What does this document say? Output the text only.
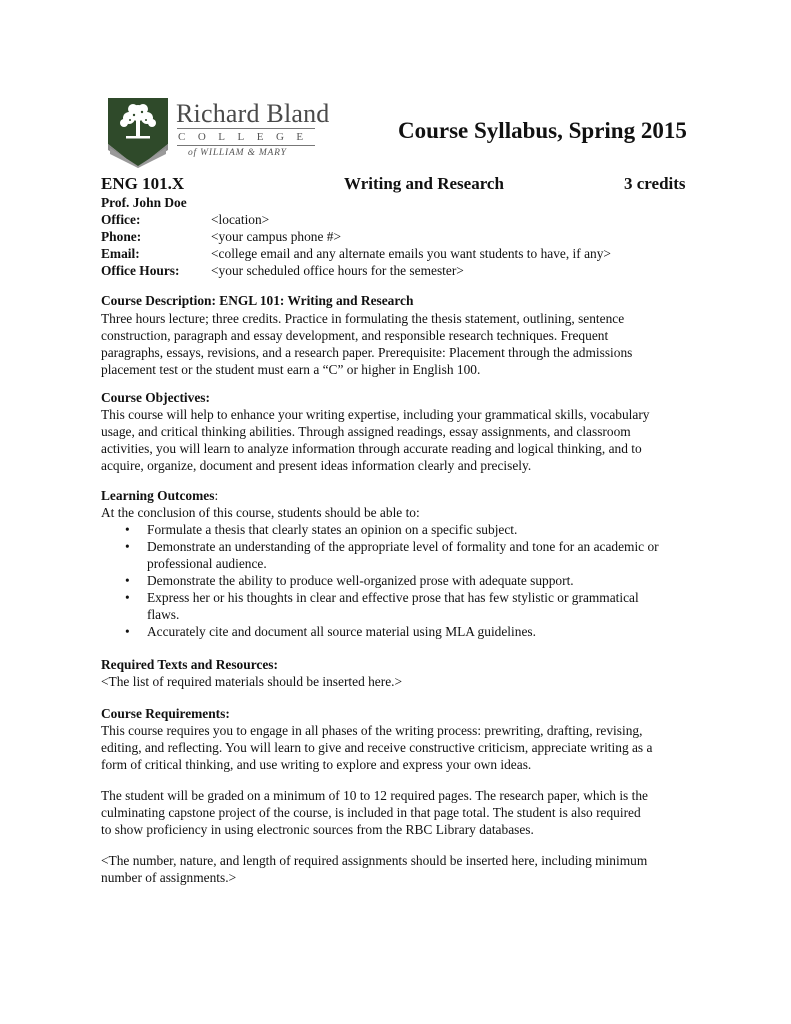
Richard Bland
COLLEGE
of WILLIAM & MARY
Course Syllabus, Spring 2015
ENG 101.X	Writing and Research	3 credits
Prof. John Doe
Office:	<location>
Phone:	<your campus phone #>
Email:	<college email and any alternate emails you want students to have, if any>
Office Hours: <your scheduled office hours for the semester>
Course Description: ENGL 101: Writing and Research
Three hours lecture; three credits. Practice in formulating the thesis statement, outlining, sentence
construction, paragraph and essay development, and responsible research techniques. Frequent
paragraphs, essays, revisions, and a research paper. Prerequisite: Placement through the admissions
placement test or the student must earn a “C” or higher in English 100.
Course Objectives:
This course will help to enhance your writing expertise, including your grammatical skills, vocabulary
usage, and critical thinking abilities. Through assigned readings, essay assignments, and classroom
activities, you will learn to analyze information through accurate reading and logical thinking, and to
acquire, organize, document and present ideas information clearly and precisely.
Learning Outcomes:
At the conclusion of this course, students should be able to:
• Formulate a thesis that clearly states an opinion on a specific subject.
• Demonstrate an understanding of the appropriate level of formality and tone for an academic or
professional audience.
• Demonstrate the ability to produce well-organized prose with adequate support.
• Express her or his thoughts in clear and effective prose that has few stylistic or grammatical
flaws.
• Accurately cite and document all source material using MLA guidelines.
Required Texts and Resources:
<The list of required materials should be inserted here.>
Course Requirements:
This course requires you to engage in all phases of the writing process: prewriting, drafting, revising,
editing, and reflecting. You will learn to give and receive constructive criticism, appreciate writing as a
form of critical thinking, and use writing to explore and express your own ideas.
The student will be graded on a minimum of 10 to 12 required pages. The research paper, which is the
culminating capstone project of the course, is included in that page total. The student is also required
to show proficiency in using electronic sources from the RBC Library databases.
<The number, nature, and length of required assignments should be inserted here, including minimum
number of assignments.>
